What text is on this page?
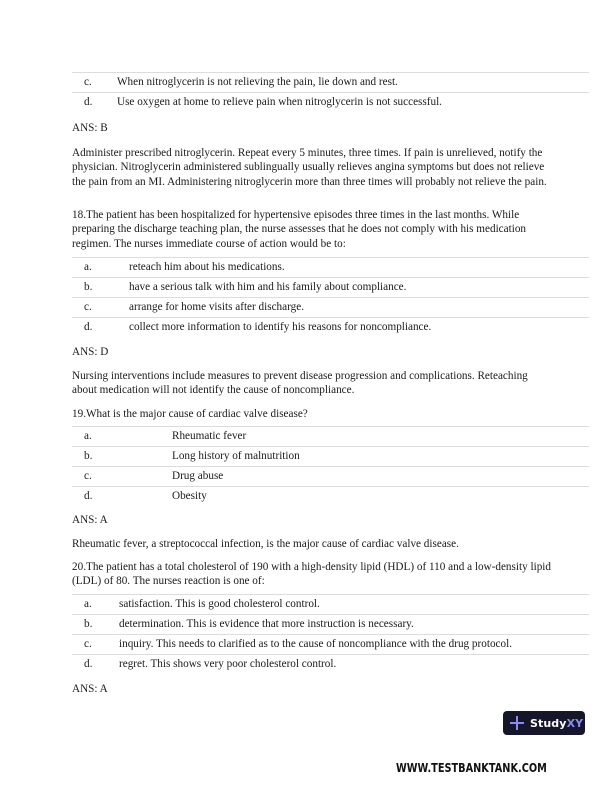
c. When nitroglycerin is not relieving the pain, lie down and rest.
d. Use oxygen at home to relieve pain when nitroglycerin is not successful.
ANS: B
Administer prescribed nitroglycerin. Repeat every 5 minutes, three times. If pain is unrelieved, notify the physician. Nitroglycerin administered sublingually usually relieves angina symptoms but does not relieve the pain from an MI. Administering nitroglycerin more than three times will probably not relieve the pain.
18.The patient has been hospitalized for hypertensive episodes three times in the last months. While preparing the discharge teaching plan, the nurse assesses that he does not comply with his medication regimen. The nurses immediate course of action would be to:
a.	reteach him about his medications.
b.	have a serious talk with him and his family about compliance.
c.	arrange for home visits after discharge.
d.	collect more information to identify his reasons for noncompliance.
ANS: D
Nursing interventions include measures to prevent disease progression and complications. Reteaching about medication will not identify the cause of noncompliance.
19.What is the major cause of cardiac valve disease?
a.	Rheumatic fever
b.	Long history of malnutrition
c.	Drug abuse
d.	Obesity
ANS: A
Rheumatic fever, a streptococcal infection, is the major cause of cardiac valve disease.
20.The patient has a total cholesterol of 190 with a high-density lipid (HDL) of 110 and a low-density lipid (LDL) of 80. The nurses reaction is one of:
a. satisfaction. This is good cholesterol control.
b. determination. This is evidence that more instruction is necessary.
c. inquiry. This needs to clarified as to the cause of noncompliance with the drug protocol.
d. regret. This shows very poor cholesterol control.
ANS: A
StudyXY
WWW.TESTBANKTANK.COM
